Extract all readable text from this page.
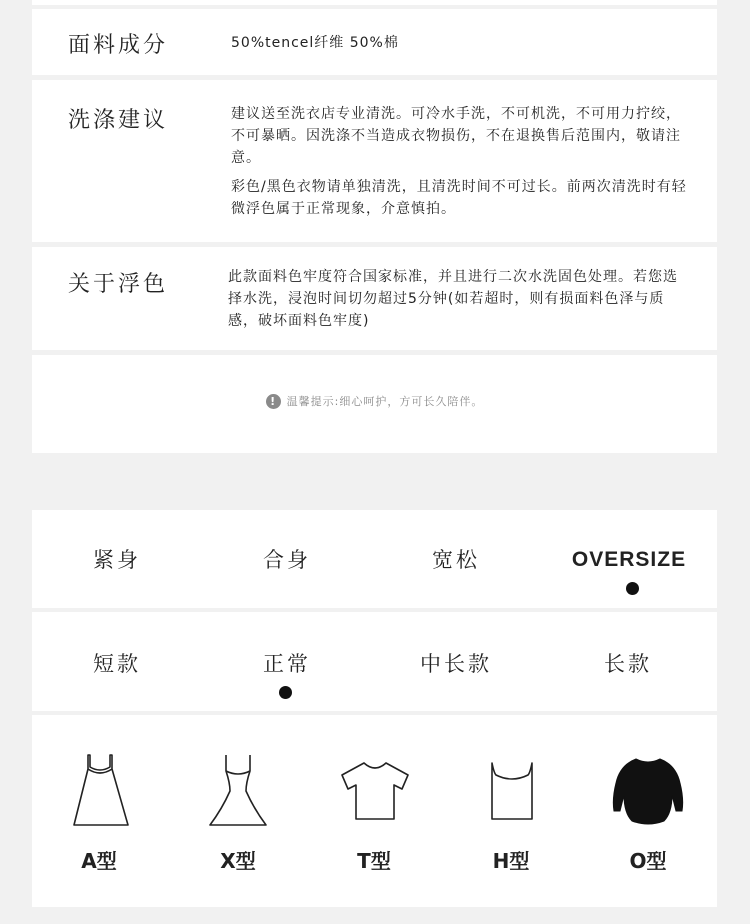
面料成分	50%tencel纤维 50%棉
洗涤建议	建议送至洗衣店专业清洗。可冷水手洗，不可机洗，不可用力拧绞，不可暴晒。因洗涤不当造成衣物损伤，不在退换售后范围内，敬请注意。
彩色/黑色衣物请单独清洗，且清洗时间不可过长。前两次清洗时有轻微浮色属于正常现象，介意慎拍。
关于浮色	此款面料色牢度符合国家标准，并且进行二次水洗固色处理。若您选择水洗，浸泡时间切勿超过5分钟(如若超时，则有损面料色泽与质感，破坏面料色牢度)
! 温馨提示:细心呵护，方可长久陪伴。
紧身	合身	宽松	OVERSIZE
短款	正常	中长款	长款
A型	X型	T型	H型	O型
